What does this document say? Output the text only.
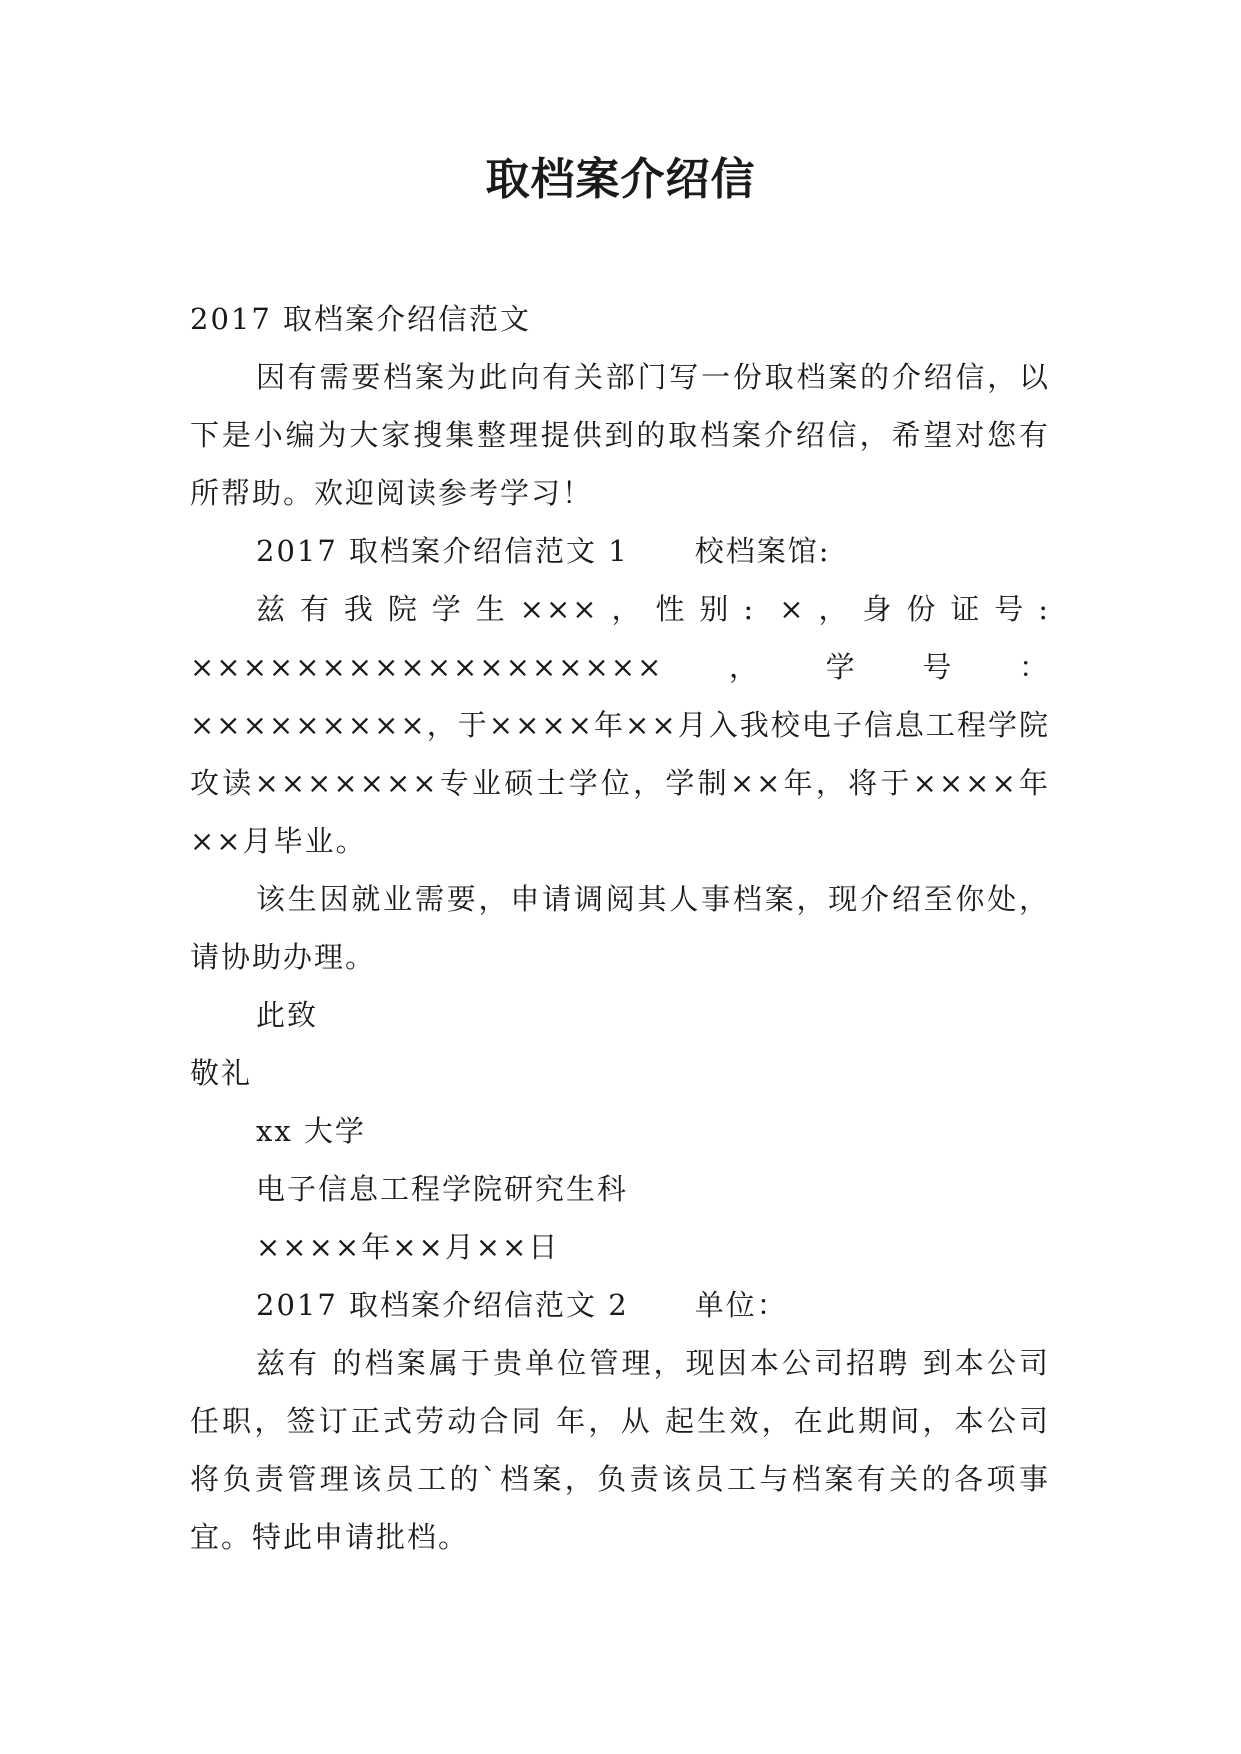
取档案介绍信

2017 取档案介绍信范文

因有需要档案为此向有关部门写一份取档案的介绍信，以下是小编为大家搜集整理提供到的取档案介绍信，希望对您有所帮助。欢迎阅读参考学习！

2017 取档案介绍信范文 1 校档案馆:

兹有我院学生×××，性别: ×，身份证号: ××××××××××××××××××，学号：×××××××××，于××××年××月入我校电子信息工程学院攻读×××××××专业硕士学位，学制××年，将于××××年××月毕业。

该生因就业需要，申请调阅其人事档案，现介绍至你处，请协助办理。

此致

敬礼

xx 大学

电子信息工程学院研究生科

××××年××月××日

2017 取档案介绍信范文 2 单位：

兹有 的档案属于贵单位管理，现因本公司招聘 到本公司任职，签订正式劳动合同 年，从 起生效，在此期间，本公司 将负责管理该员工的`档案，负责该员工与档案有关的各项事宜。特此申请批档。
